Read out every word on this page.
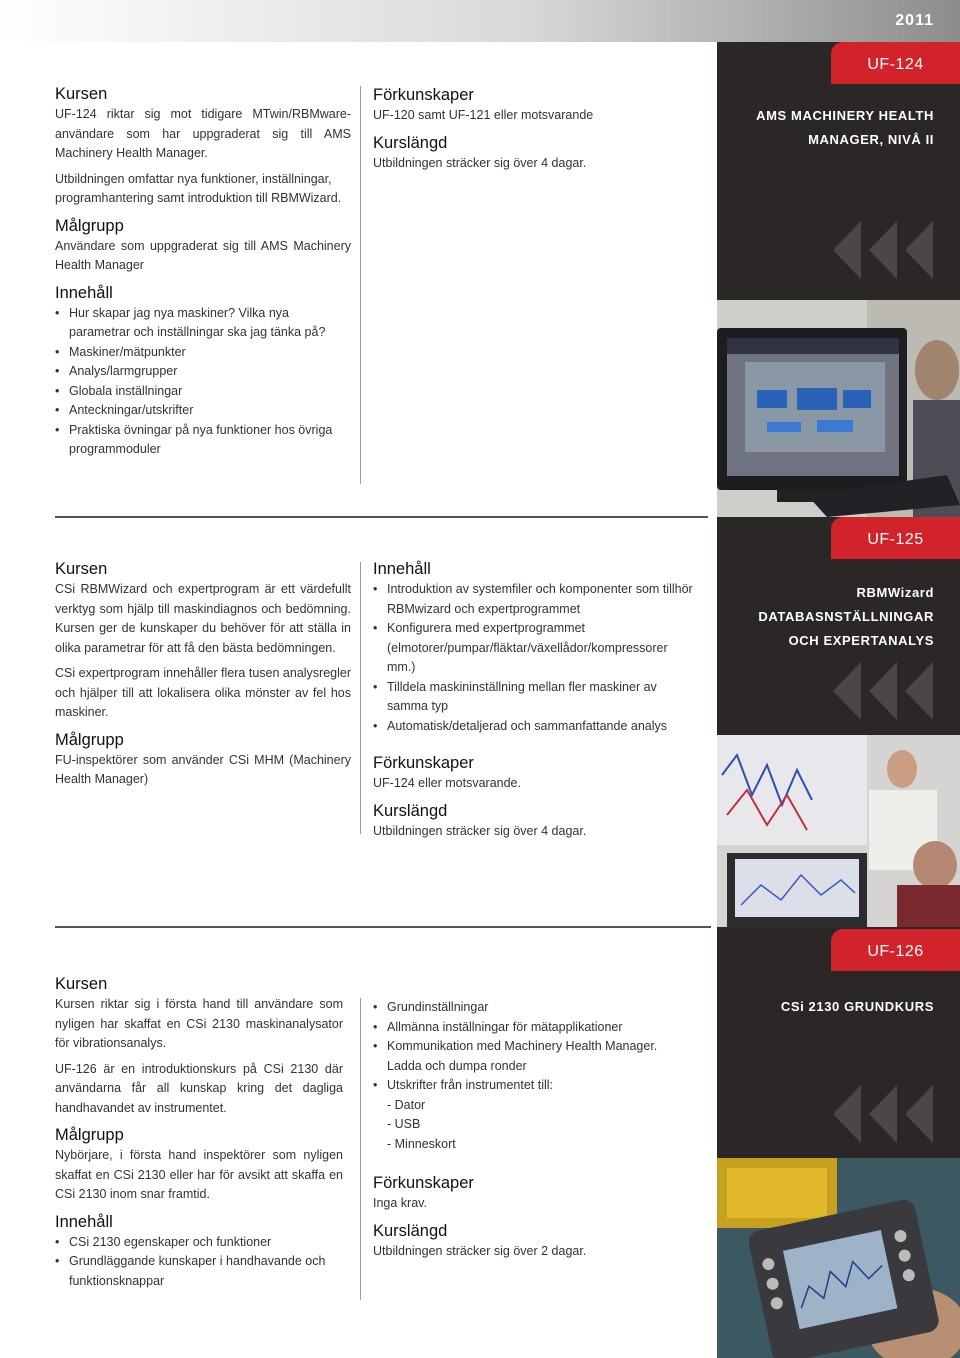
2011
UF-124
AMS MACHINERY HEALTH
MANAGER, NIVÅ II
Kursen

UF-124 riktar sig mot tidigare MTwin/RBMware-användare som har uppgraderat sig till AMS Machinery Health Manager.

Utbildningen omfattar nya funktioner, inställningar, programhantering samt introduktion till RBMWizard.

Målgrupp

Användare som uppgraderat sig till AMS Machinery Health Manager

Innehåll
• Hur skapar jag nya maskiner? Vilka nya parametrar och inställningar ska jag tänka på?
• Maskiner/mätpunkter
• Analys/larmgrupper
• Globala inställningar
• Anteckningar/utskrifter
• Praktiska övningar på nya funktioner hos övriga programmoduler
Förkunskaper

UF-120 samt UF-121 eller motsvarande

Kurslängd

Utbildningen sträcker sig över 4 dagar.

UF-125
RBMWizard
DATABASNSTÄLLNINGAR
OCH EXPERTANALYS
Kursen

CSi RBMWizard och expertprogram är ett värdefullt verktyg som hjälp till maskindiagnos och bedömning. Kursen ger de kunskaper du behöver för att ställa in olika parametrar för att få den bästa bedömningen.

CSi expertprogram innehåller flera tusen analysregler och hjälper till att lokalisera olika mönster av fel hos maskiner.

Målgrupp

FU-inspektörer som använder CSi MHM (Machinery Health Manager)

Innehåll
• Introduktion av systemfiler och komponenter som tillhör RBMwizard och expertprogrammet
• Konfigurera med expertprogrammet (elmotorer/pumpar/fläktar/växellådor/kompressorer mm.)
• Tilldela maskininställning mellan fler maskiner av samma typ
• Automatisk/detaljerad och sammanfattande analys
Förkunskaper

UF-124 eller motsvarande.

Kurslängd

Utbildningen sträcker sig över 4 dagar.

UF-126
CSi 2130 GRUNDKURS
Kursen

Kursen riktar sig i första hand till användare som nyligen har skaffat en CSi 2130 maskinanalysator för vibrationsanalys.

UF-126 är en introduktionskurs på CSi 2130 där användarna får all kunskap kring det dagliga handhavandet av instrumentet.

Målgrupp

Nybörjare, i första hand inspektörer som nyligen skaffat en CSi 2130 eller har för avsikt att skaffa en CSi 2130 inom snar framtid.

Innehåll
• CSi 2130 egenskaper och funktioner
• Grundläggande kunskaper i handhavande och funktionsknappar
• Grundinställningar
• Allmänna inställningar för mätapplikationer
• Kommunikation med Machinery Health Manager. Ladda och dumpa ronder
• Utskrifter från instrumentet till:
- Dator
- USB
- Minneskort
Förkunskaper

Inga krav.

Kurslängd

Utbildningen sträcker sig över 2 dagar.
